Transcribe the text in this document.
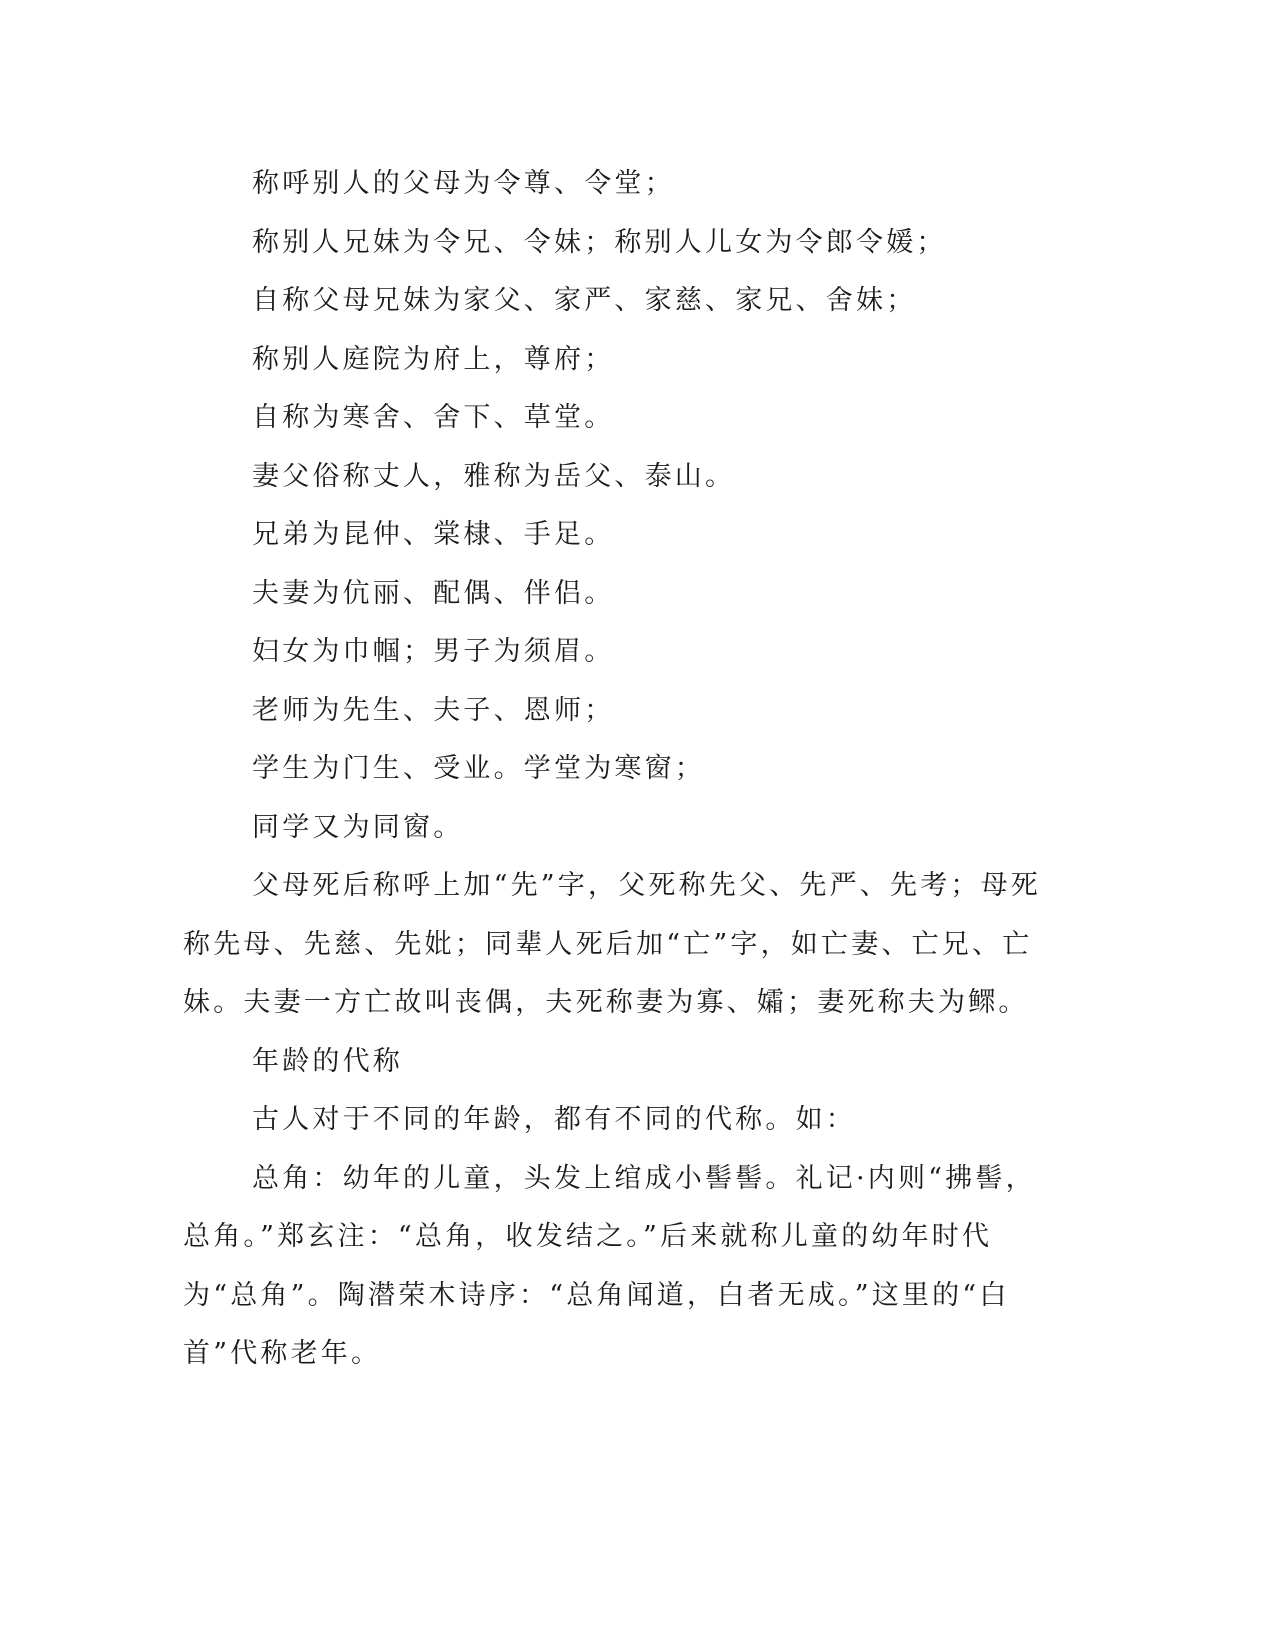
称呼别人的父母为令尊、令堂；

称别人兄妹为令兄、令妹；称别人儿女为令郎令媛；

自称父母兄妹为家父、家严、家慈、家兄、舍妹；

称别人庭院为府上，尊府；

自称为寒舍、舍下、草堂。

妻父俗称丈人，雅称为岳父、泰山。

兄弟为昆仲、棠棣、手足。

夫妻为伉丽、配偶、伴侣。

妇女为巾帼；男子为须眉。

老师为先生、夫子、恩师；

学生为门生、受业。学堂为寒窗；

同学又为同窗。

父母死后称呼上加“先”字，父死称先父、先严、先考；母死称先母、先慈、先妣；同辈人死后加“亡”字，如亡妻、亡兄、亡妹。夫妻一方亡故叫丧偶，夫死称妻为寡、孀；妻死称夫为鳏。

年龄的代称

古人对于不同的年龄，都有不同的代称。如：

总角：幼年的儿童，头发上绾成小髻髻。礼记·内则“拂髻，总角。”郑玄注：“总角，收发结之。”后来就称儿童的幼年时代为“总角”。陶潜荣木诗序：“总角闻道，白者无成。”这里的“白首”代称老年。
